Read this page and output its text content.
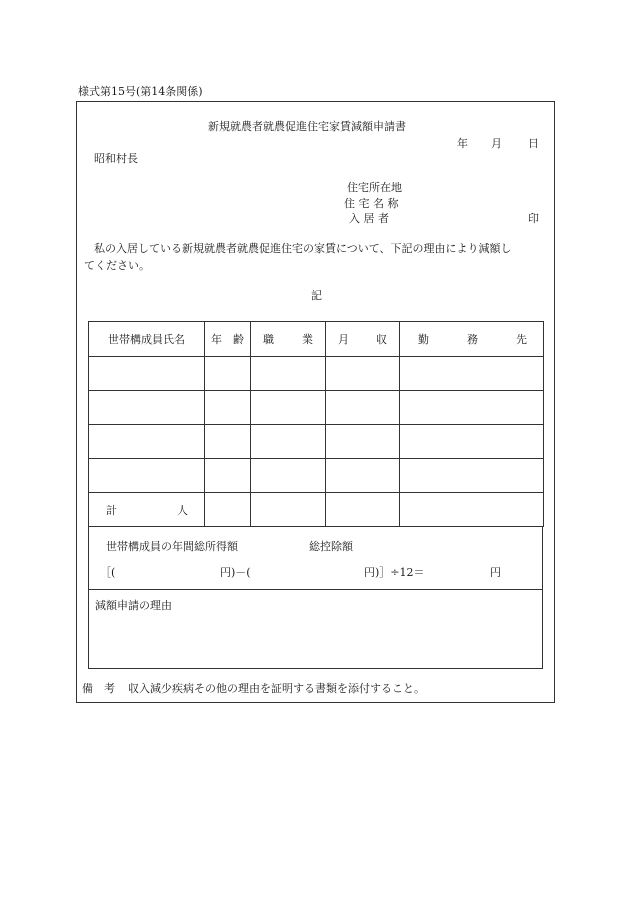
様式第15号(第14条関係)
新規就農者就農促進住宅家賃減額申請書
年 月 日
昭和村長
住宅所在地
住 宅 名 称
入 居 者	印
私の入居している新規就農者就農促進住宅の家賃について、下記の理由により減額し
てください。
記
世帯構成員氏名	年 齢	職 業	月 収	勤 務 先

計 人				

世帯構成員の年間総所得額	総控除額
［(	円)－(	円)］÷12＝	円
減額申請の理由
備　考 収入減少疾病その他の理由を証明する書類を添付すること。
